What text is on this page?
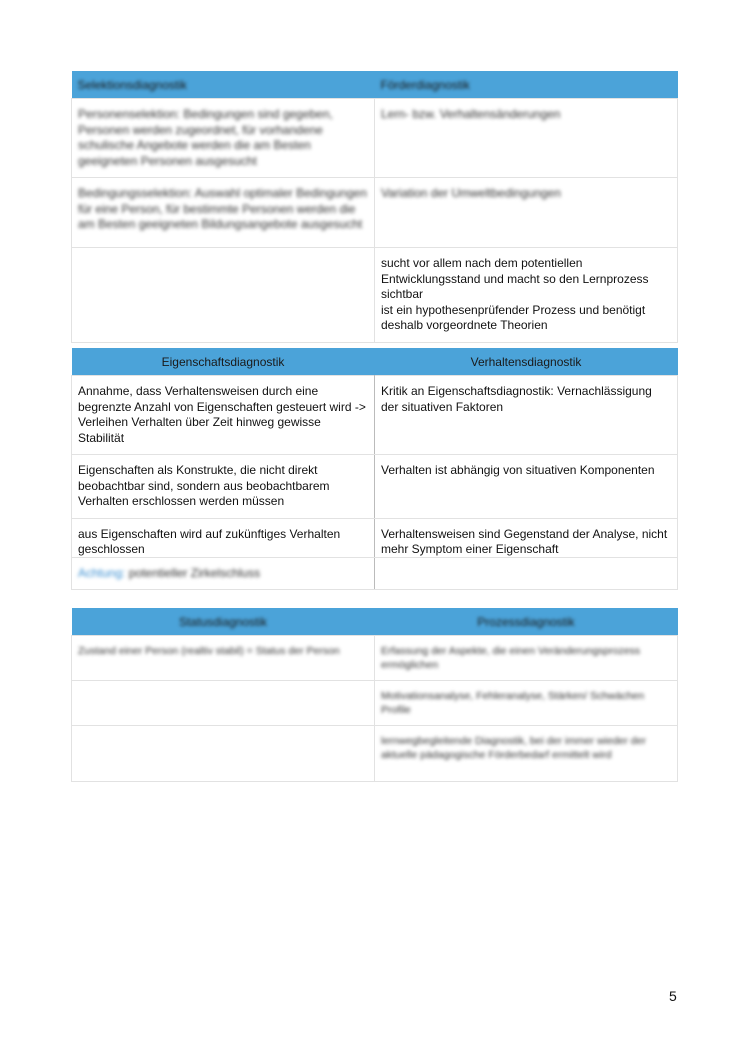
Selektionsdiagnostik	Förderdiagnostik

Personenselektion: Bedingungen sind gegeben, Personen werden zugeordnet, für vorhandene schulische Angebote werden die am Besten geeigneten Personen ausgesucht	Lern- bzw. Verhaltensänderungen

Bedingungsselektion: Auswahl optimaler Bedingungen für eine Person, für bestimmte Personen werden die am Besten geeigneten Bildungsangebote ausgesucht	Variation der Umweltbedingungen

	sucht vor allem nach dem potentiellen Entwicklungsstand und macht so den Lernprozess sichtbar
ist ein hypothesenprüfender Prozess und benötigt deshalb vorgeordnete Theorien
Eigenschaftsdiagnostik	Verhaltensdiagnostik
Annahme, dass Verhaltensweisen durch eine begrenzte Anzahl von Eigenschaften gesteuert wird -> Verleihen Verhalten über Zeit hinweg gewisse Stabilität	Kritik an Eigenschaftsdiagnostik: Vernachlässigung der situativen Faktoren
Eigenschaften als Konstrukte, die nicht direkt beobachtbar sind, sondern aus beobachtbarem Verhalten erschlossen werden müssen	Verhalten ist abhängig von situativen Komponenten

aus Eigenschaften wird auf zukünftiges Verhalten geschlossen	Verhaltensweisen sind Gegenstand der Analyse, nicht mehr Symptom einer Eigenschaft

Achtung: potentieller Zirkelschluss	
Statusdiagnostik	Prozessdiagnostik

Zustand einer Person (realtiv stabil) = Status der Person	Erfassung der Aspekte, die einen Veränderungsprozess ermöglichen

	Motivationsanalyse, Fehleranalyse, Stärken/ Schwächen Profile

	lernwegbegleitende Diagnostik, bei der immer wieder der aktuelle pädagogische Förderbedarf ermittelt wird
5
